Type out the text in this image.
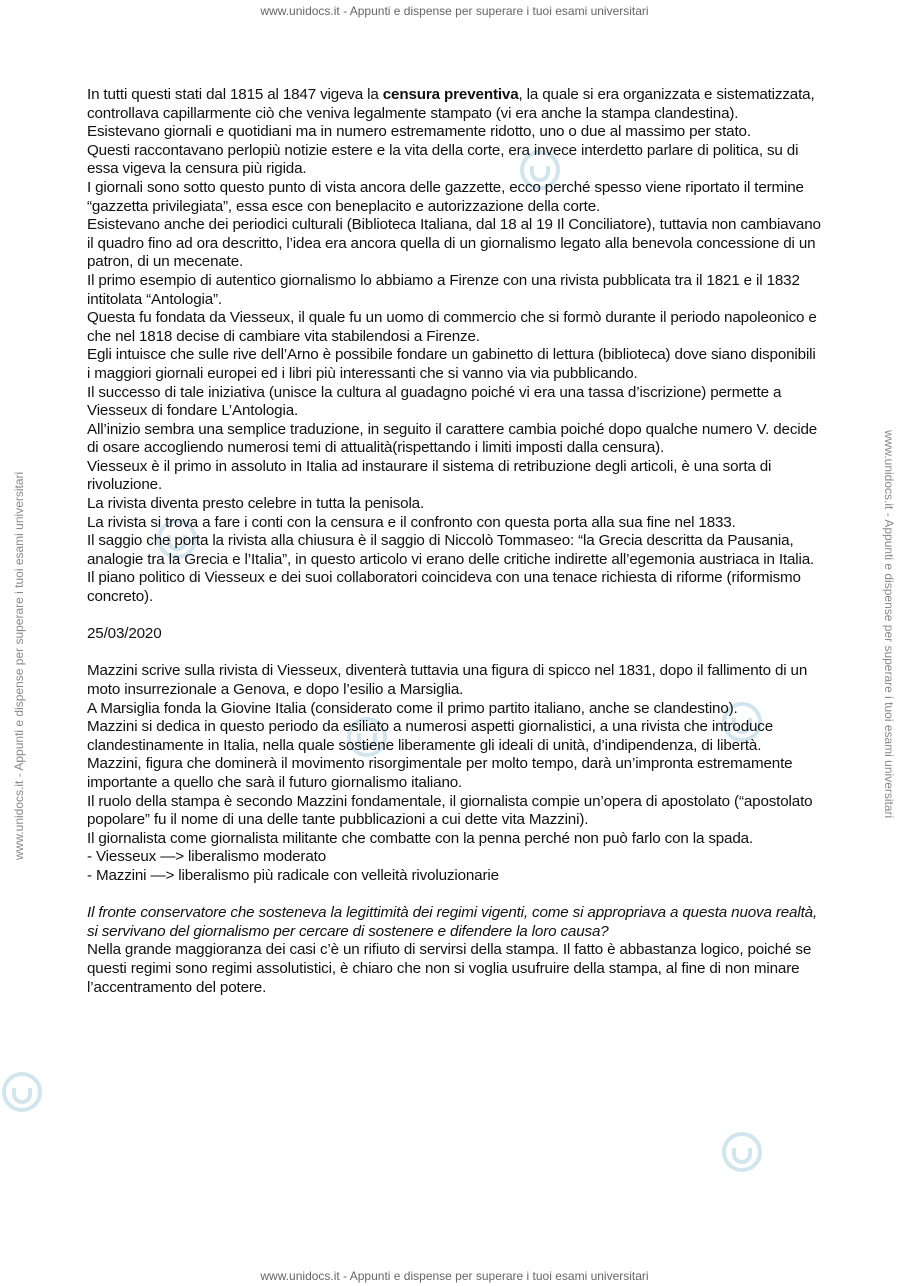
www.unidocs.it - Appunti e dispense per superare i tuoi esami universitari
www.unidocs.it - Appunti e dispense per superare i tuoi esami universitari	www.unidocs.it - Appunti e dispense per superare i tuoi esami universitari

In tutti questi stati dal 1815 al 1847 vigeva la censura preventiva, la quale si era organizzata e sistematizzata, controllava capillarmente ciò che veniva legalmente stampato (vi era anche la stampa clandestina).

Esistevano giornali e quotidiani ma in numero estremamente ridotto, uno o due al massimo per stato.

Questi raccontavano perlopiù notizie estere e la vita della corte, era invece interdetto parlare di politica, su di essa vigeva la censura più rigida.

I giornali sono sotto questo punto di vista ancora delle gazzette, ecco perché spesso viene riportato il termine “gazzetta privilegiata”, essa esce con beneplacito e autorizzazione della corte.

Esistevano anche dei periodici culturali (Biblioteca Italiana, dal 18 al 19 Il Conciliatore), tuttavia non cambiavano il quadro fino ad ora descritto, l’idea era ancora quella di un giornalismo legato alla benevola concessione di un patron, di un mecenate.

Il primo esempio di autentico giornalismo lo abbiamo a Firenze con una rivista pubblicata tra il 1821 e il 1832 intitolata “Antologia”.

Questa fu fondata da Viesseux, il quale fu un uomo di commercio che si formò durante il periodo napoleonico e che nel 1818 decise di cambiare vita stabilendosi a Firenze.

Egli intuisce che sulle rive dell’Arno è possibile fondare un gabinetto di lettura (biblioteca) dove siano disponibili i maggiori giornali europei ed i libri più interessanti che si vanno via via pubblicando.

Il successo di tale iniziativa (unisce la cultura al guadagno poiché vi era una tassa d’iscrizione) permette a Viesseux di fondare L’Antologia.

All’inizio sembra una semplice traduzione, in seguito il carattere cambia poiché dopo qualche numero V. decide di osare accogliendo numerosi temi di attualità(rispettando i limiti imposti dalla censura).

Viesseux è il primo in assoluto in Italia ad instaurare il sistema di retribuzione degli articoli, è una sorta di rivoluzione.

La rivista diventa presto celebre in tutta la penisola.

La rivista si trova a fare i conti con la censura e il confronto con questa porta alla sua fine nel 1833.

Il saggio che porta la rivista alla chiusura è il saggio di Niccolò Tommaseo: “la Grecia descritta da Pausania, analogie tra la Grecia e l’Italia”, in questo articolo vi erano delle critiche indirette all’egemonia austriaca in Italia.

Il piano politico di Viesseux e dei suoi collaboratori coincideva con una tenace richiesta di riforme (riformismo concreto).

25/03/2020

Mazzini scrive sulla rivista di Viesseux, diventerà tuttavia una figura di spicco nel 1831, dopo il fallimento di un moto insurrezionale a Genova, e dopo l’esilio a Marsiglia.

A Marsiglia fonda la Giovine Italia (considerato come il primo partito italiano, anche se clandestino).

Mazzini si dedica in questo periodo da esiliato a numerosi aspetti giornalistici, a una rivista che introduce clandestinamente in Italia, nella quale sostiene liberamente gli ideali di unità, d’indipendenza, di libertà.

Mazzini, figura che dominerà il movimento risorgimentale per molto tempo, darà un’impronta estremamente importante a quello che sarà il futuro giornalismo italiano.

Il ruolo della stampa è secondo Mazzini fondamentale, il giornalista compie un’opera di apostolato (“apostolato popolare” fu il nome di una delle tante pubblicazioni a cui dette vita Mazzini).

Il giornalista come giornalista militante che combatte con la penna perché non può farlo con la spada.

- Viesseux —> liberalismo moderato

- Mazzini —> liberalismo più radicale con velleità rivoluzionarie

Il fronte conservatore che sosteneva la legittimità dei regimi vigenti, come si appropriava a questa nuova realtà, si servivano del giornalismo per cercare di sostenere e difendere la loro causa?

Nella grande maggioranza dei casi c’è un rifiuto di servirsi della stampa. Il fatto è abbastanza logico, poiché se questi regimi sono regimi assolutistici, è chiaro che non si voglia usufruire della stampa, al fine di non minare l’accentramento del potere.

www.unidocs.it - Appunti e dispense per superare i tuoi esami universitari
